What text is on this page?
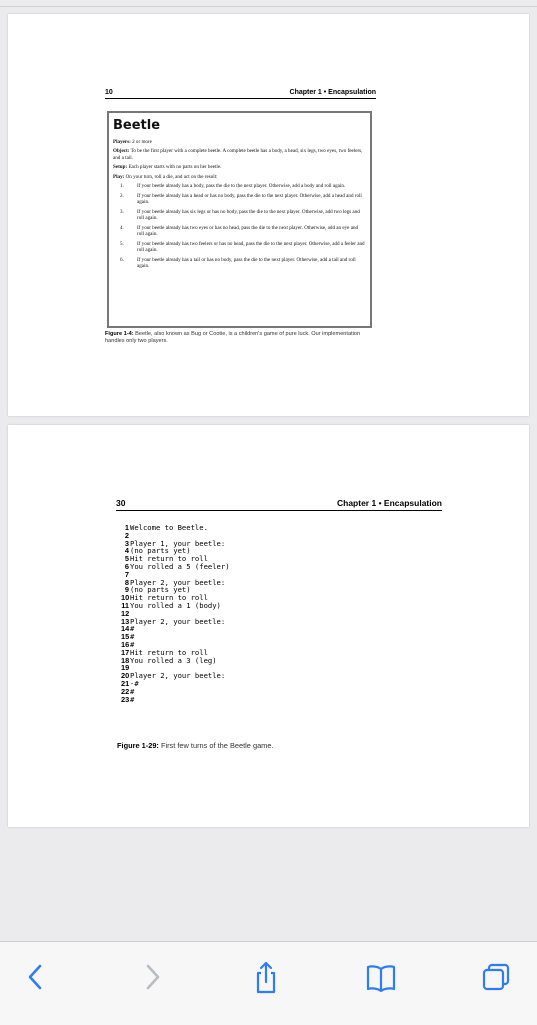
10	Chapter 1 • Encapsulation
Beetle
Players: 2 or more
Object: To be the first player with a complete beetle. A complete beetle has a body, a head, six legs, two eyes, two feelers, and a tail.
Setup: Each player starts with no parts on her beetle.
Play: On your turn, roll a die, and act on the result:
1.	If your beetle already has a body, pass the die to the next player. Otherwise, add a body and roll again.
2.	If your beetle already has a head or has no body, pass the die to the next player. Otherwise, add a head and roll again.
3.	If your beetle already has six legs or has no body, pass the die to the next player. Otherwise, add two legs and roll again.
4.	If your beetle already has two eyes or has no head, pass the die to the next player. Otherwise, add an eye and roll again.
5.	If your beetle already has two feelers or has no head, pass the die to the next player. Otherwise, add a feeler and roll again.
6.	If your beetle already has a tail or has no body, pass the die to the next player. Otherwise, add a tail and roll again.
Figure 1-4: Beetle, also known as Bug or Cootie, is a children's game of pure luck. Our implementation handles only two players.
30	Chapter 1 • Encapsulation
1Welcome to Beetle.
2
3Player 1, your beetle:
4(no parts yet)
5Hit return to roll
6You rolled a 5 (feeler)
7
8Player 2, your beetle:
9(no parts yet)
10Hit return to roll
11You rolled a 1 (body)
12
13Player 2, your beetle:
14#
15#
16#
17Hit return to roll
18You rolled a 3 (leg)
19
20Player 2, your beetle:
21-#
22#
23#
Figure 1-29: First few turns of the Beetle game.
